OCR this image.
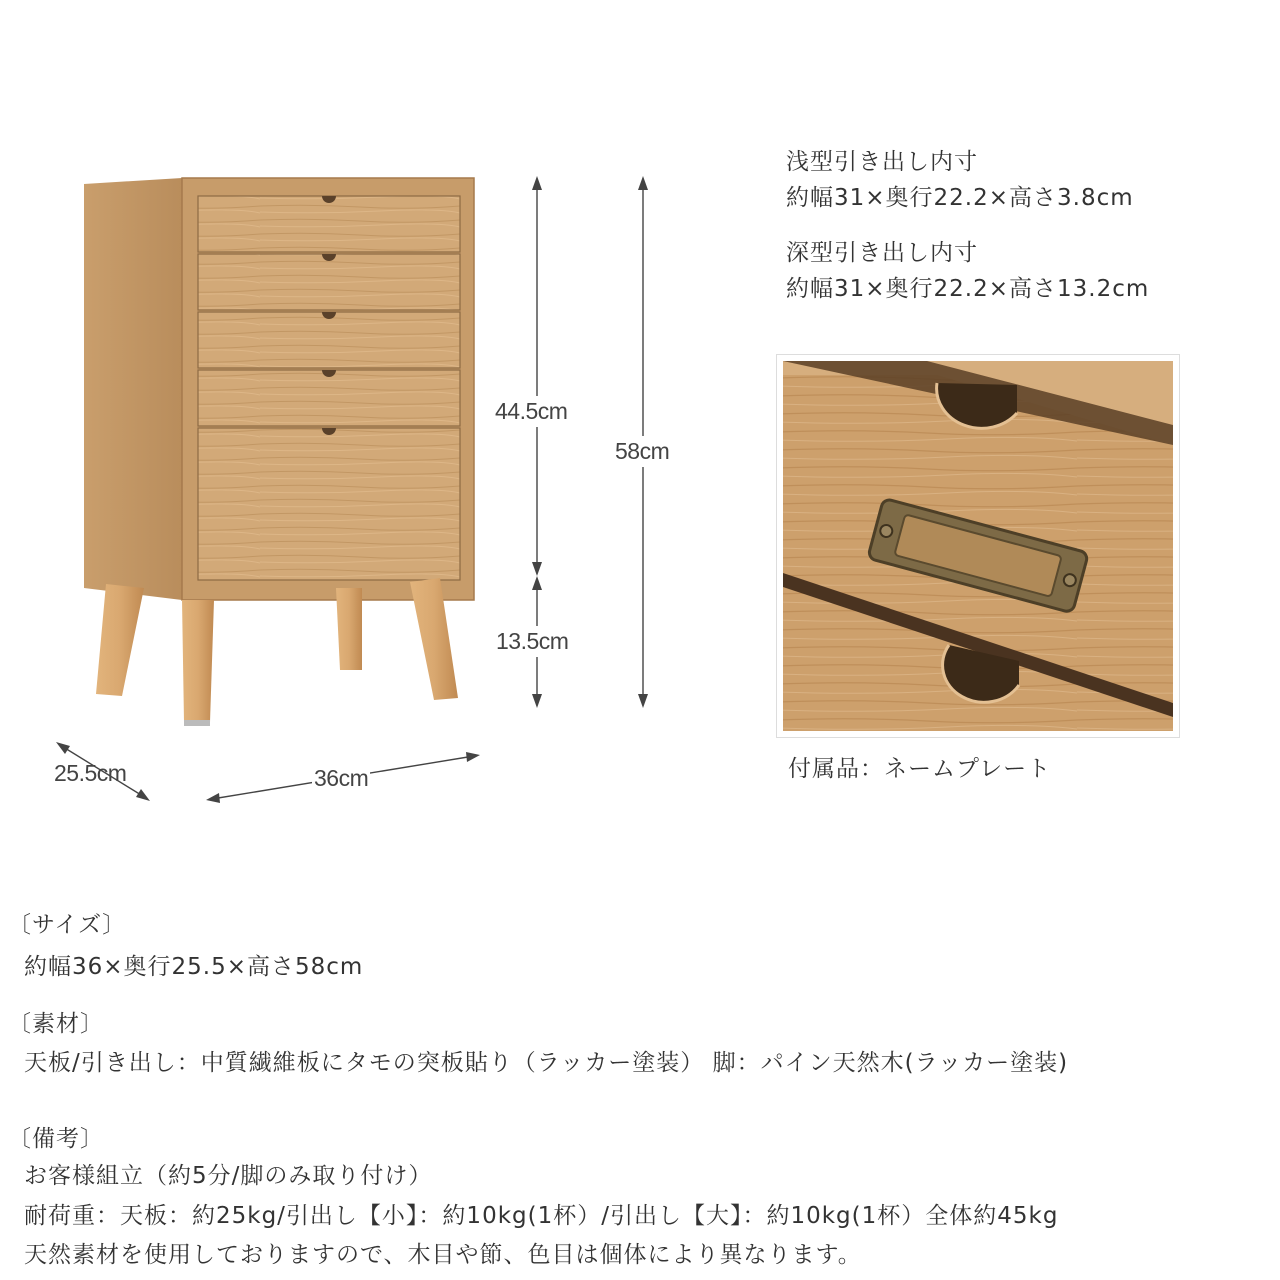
44.5cm
58cm
13.5cm
25.5cm	36cm
浅型引き出し内寸
約幅31×奥行22.2×高さ3.8cm
深型引き出し内寸
約幅31×奥行22.2×高さ13.2cm
付属品：ネームプレート
〔サイズ〕
約幅36×奥行25.5×高さ58cm
〔素材〕
天板/引き出し：中質繊維板にタモの突板貼り（ラッカー塗装） 脚：パイン天然木(ラッカー塗装)
〔備考〕
お客様組立（約5分/脚のみ取り付け）
耐荷重：天板：約25kg/引出し【小】：約10kg(1杯）/引出し【大】：約10kg(1杯）全体約45kg
天然素材を使用しておりますので、木目や節、色目は個体により異なります。
